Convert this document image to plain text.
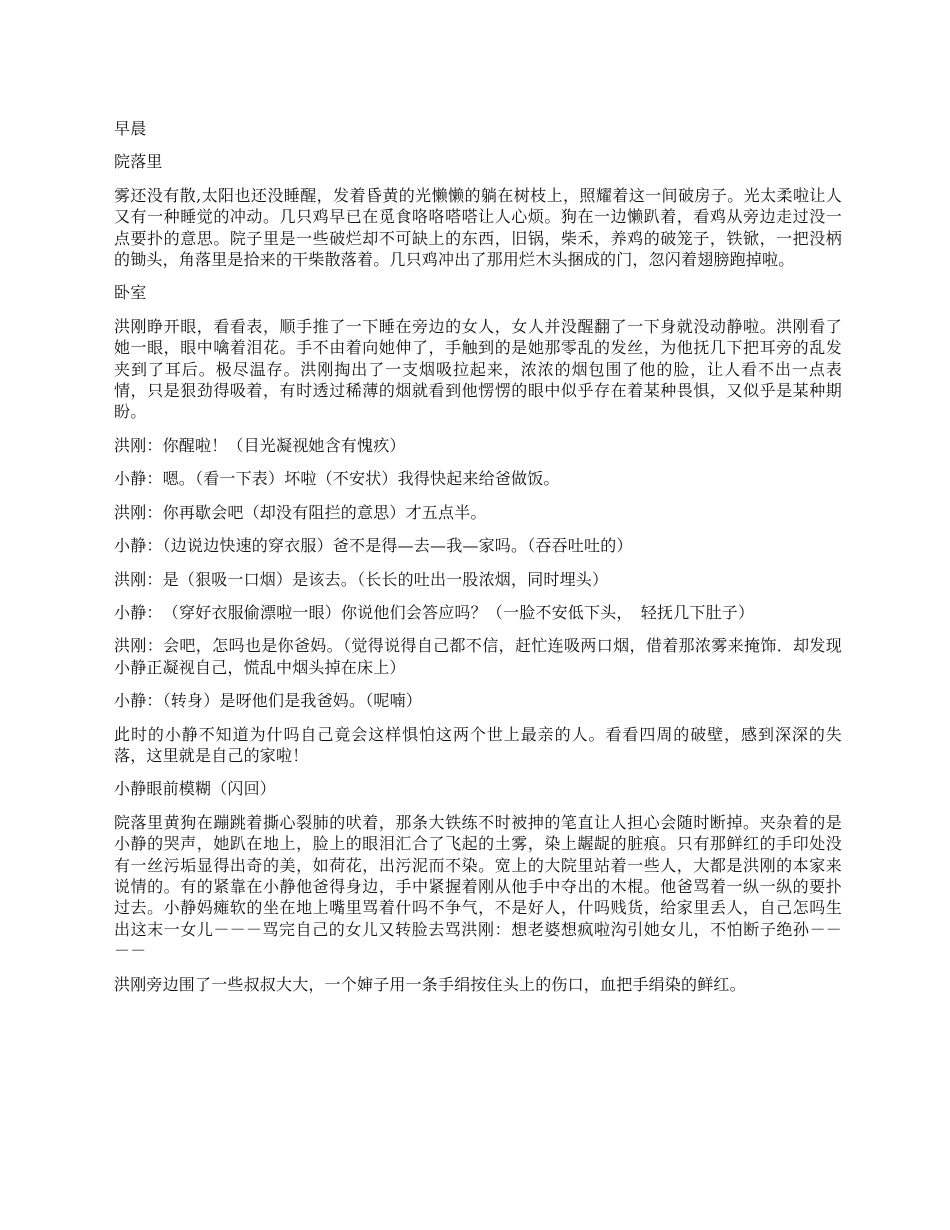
早晨

院落里

雾还没有散,太阳也还没睡醒，发着昏黄的光懒懒的躺在树枝上，照耀着这一间破房子。光太柔啦让人又有一种睡觉的冲动。几只鸡早已在觅食咯咯嗒嗒让人心烦。狗在一边懒趴着，看鸡从旁边走过没一点要扑的意思。院子里是一些破烂却不可缺上的东西，旧锅，柴禾，养鸡的破笼子，铁锨，一把没柄的锄头，角落里是拾来的干柴散落着。几只鸡冲出了那用烂木头捆成的门，忽闪着翅膀跑掉啦。

卧室

洪刚睁开眼，看看表，顺手推了一下睡在旁边的女人，女人并没醒翻了一下身就没动静啦。洪刚看了她一眼，眼中噙着泪花。手不由着向她伸了，手触到的是她那零乱的发丝，为他抚几下把耳旁的乱发夹到了耳后。极尽温存。洪刚掏出了一支烟吸拉起来，浓浓的烟包围了他的脸，让人看不出一点表情，只是狠劲得吸着，有时透过稀薄的烟就看到他愣愣的眼中似乎存在着某种畏惧，又似乎是某种期盼。

洪刚：你醒啦！（目光凝视她含有愧疚）

小静：嗯。（看一下表）坏啦（不安状）我得快起来给爸做饭。

洪刚：你再歇会吧（却没有阻拦的意思）才五点半。

小静：（边说边快速的穿衣服）爸不是得—去—我—家吗。（吞吞吐吐的）

洪刚：是（狠吸一口烟）是该去。（长长的吐出一股浓烟，同时埋头）

小静：　（穿好衣服偷漂啦一眼）你说他们会答应吗？（一脸不安低下头，　轻抚几下肚子）

洪刚：会吧，怎吗也是你爸妈。（觉得说得自己都不信，赶忙连吸两口烟，借着那浓雾来掩饰．却发现小静正凝视自己，慌乱中烟头掉在床上）

小静：（转身）是呀他们是我爸妈。（呢喃）

此时的小静不知道为什吗自己竟会这样惧怕这两个世上最亲的人。看看四周的破壁，感到深深的失落，这里就是自己的家啦！

小静眼前模糊（闪回）

院落里黄狗在蹦跳着撕心裂肺的吠着，那条大铁练不时被抻的笔直让人担心会随时断掉。夹杂着的是小静的哭声，她趴在地上，脸上的眼泪汇合了飞起的土雾，染上龌龊的脏痕。只有那鲜红的手印处没有一丝污垢显得出奇的美，如荷花，出污泥而不染。宽上的大院里站着一些人，大都是洪刚的本家来说情的。有的紧靠在小静他爸得身边，手中紧握着刚从他手中夺出的木棍。他爸骂着一纵一纵的要扑过去。小静妈瘫软的坐在地上嘴里骂着什吗不争气，不是好人，什吗贱货，给家里丢人，自己怎吗生出这末一女儿－－－骂完自己的女儿又转脸去骂洪刚：想老婆想疯啦沟引她女儿，不怕断子绝孙－－－－

洪刚旁边围了一些叔叔大大，一个婶子用一条手绢按住头上的伤口，血把手绢染的鲜红。
